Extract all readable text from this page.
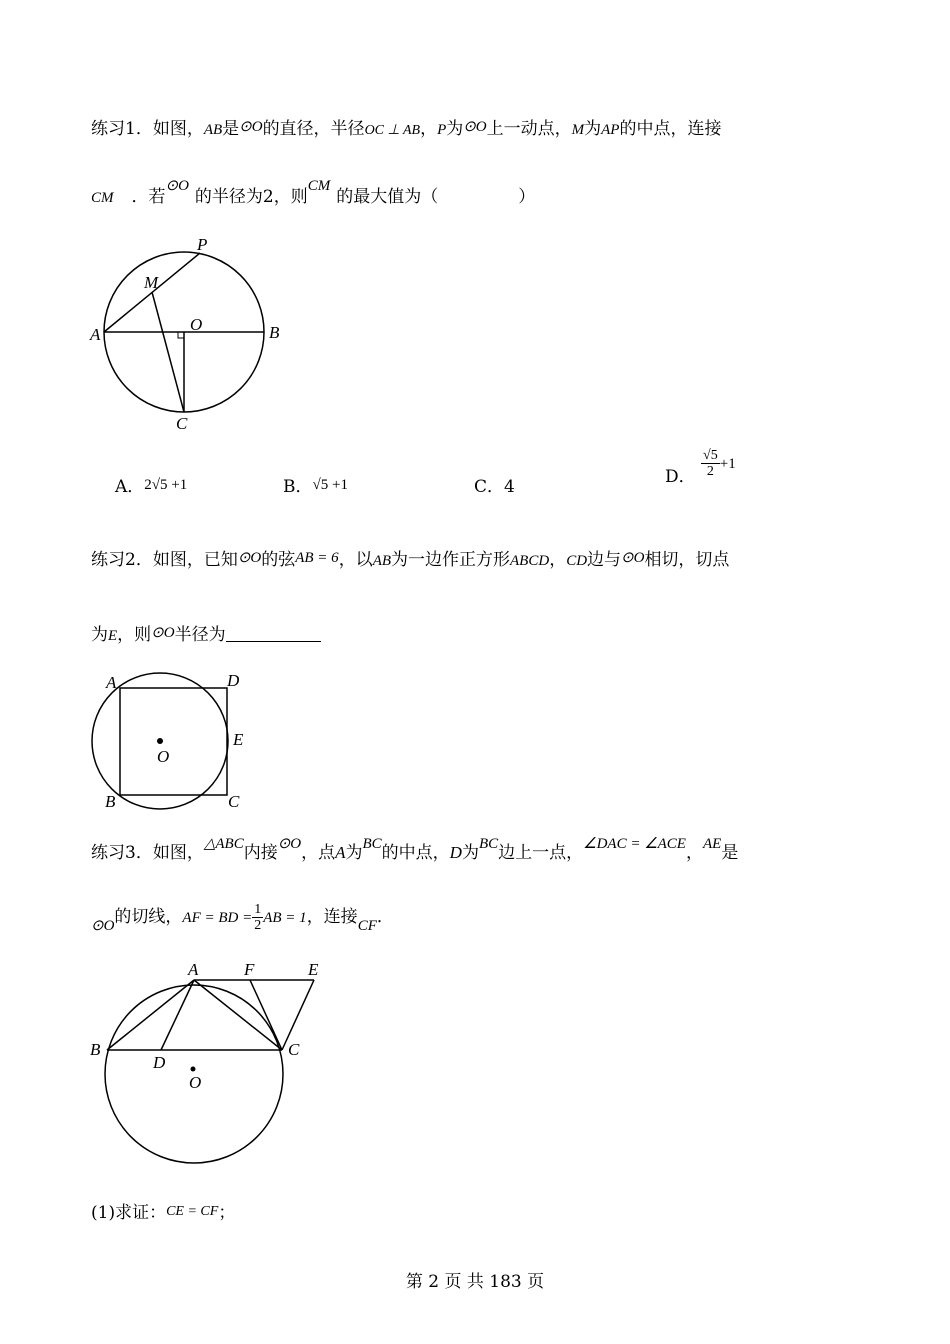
练习1．如图，AB是⊙O的直径，半径OC ⊥ AB，P为⊙O上一动点，M为AP的中点，连接
CM ．若⊙O的半径为2，则CM的最大值为（	）
P
M
O
A	B
C
A．2√5 +1	B．√5 +1	C．4	D． $\frac{√5}{2} +1$
练习2．如图，已知⊙O的弦AB = 6，以AB为一边作正方形ABCD，CD边与⊙O相切，切点
为E，则⊙O半径为
A	D
E
O
B	C
练习3．如图，△ABC内接⊙O，点A为BC的中点，D为BC边上一点，∠DAC = ∠ACE，AE是
⊙O的切线，AF = BD = $\frac{1}{2}$ AB = 1，连接CF．
A	F	E
B	C
D
O
(1)求证：CE = CF；
第 2 页 共 183 页
